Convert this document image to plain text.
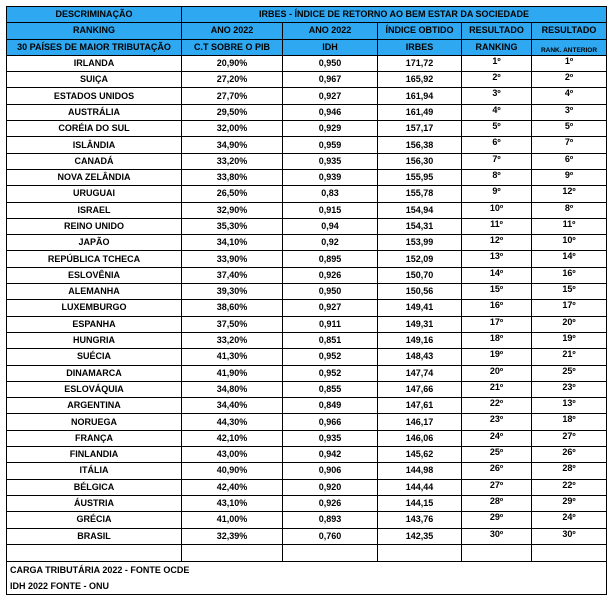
DESCRIMINAÇÃO	IRBES - ÍNDICE DE RETORNO AO BEM ESTAR DA SOCIEDADE				
RANKING	ANO 2022	ANO 2022	ÍNDICE OBTIDO	RESULTADO	RESULTADO
30 PAÍSES DE MAIOR TRIBUTAÇÃO	C.T SOBRE O PIB	IDH	IRBES	RANKING	RANK. ANTERIOR
IRLANDA	20,90%	0,950	171,72	1º	1º
SUIÇA	27,20%	0,967	165,92	2º	2º
ESTADOS UNIDOS	27,70%	0,927	161,94	3º	4º
AUSTRÁLIA	29,50%	0,946	161,49	4º	3º
CORÉIA DO SUL	32,00%	0,929	157,17	5º	5º
ISLÂNDIA	34,90%	0,959	156,38	6º	7º
CANADÁ	33,20%	0,935	156,30	7º	6º
NOVA ZELÂNDIA	33,80%	0,939	155,95	8º	9º
URUGUAI	26,50%	0,83	155,78	9º	12º
ISRAEL	32,90%	0,915	154,94	10º	8º
REINO UNIDO	35,30%	0,94	154,31	11º	11º
JAPÃO	34,10%	0,92	153,99	12º	10º
REPÚBLICA TCHECA	33,90%	0,895	152,09	13º	14º
ESLOVÊNIA	37,40%	0,926	150,70	14º	16º
ALEMANHA	39,30%	0,950	150,56	15º	15º
LUXEMBURGO	38,60%	0,927	149,41	16º	17º
ESPANHA	37,50%	0,911	149,31	17º	20º
HUNGRIA	33,20%	0,851	149,16	18º	19º
SUÉCIA	41,30%	0,952	148,43	19º	21º
DINAMARCA	41,90%	0,952	147,74	20º	25º
ESLOVÁQUIA	34,80%	0,855	147,66	21º	23º
ARGENTINA	34,40%	0,849	147,61	22º	13º
NORUEGA	44,30%	0,966	146,17	23º	18º
FRANÇA	42,10%	0,935	146,06	24º	27º
FINLANDIA	43,00%	0,942	145,62	25º	26º
ITÁLIA	40,90%	0,906	144,98	26º	28º
BÉLGICA	42,40%	0,920	144,44	27º	22º
ÁUSTRIA	43,10%	0,926	144,15	28º	29º
GRÉCIA	41,00%	0,893	143,76	29º	24º
BRASIL	32,39%	0,760	142,35	30º	30º

CARGA TRIBUTÁRIA 2022 - FONTE OCDE					
IDH 2022 FONTE - ONU					
